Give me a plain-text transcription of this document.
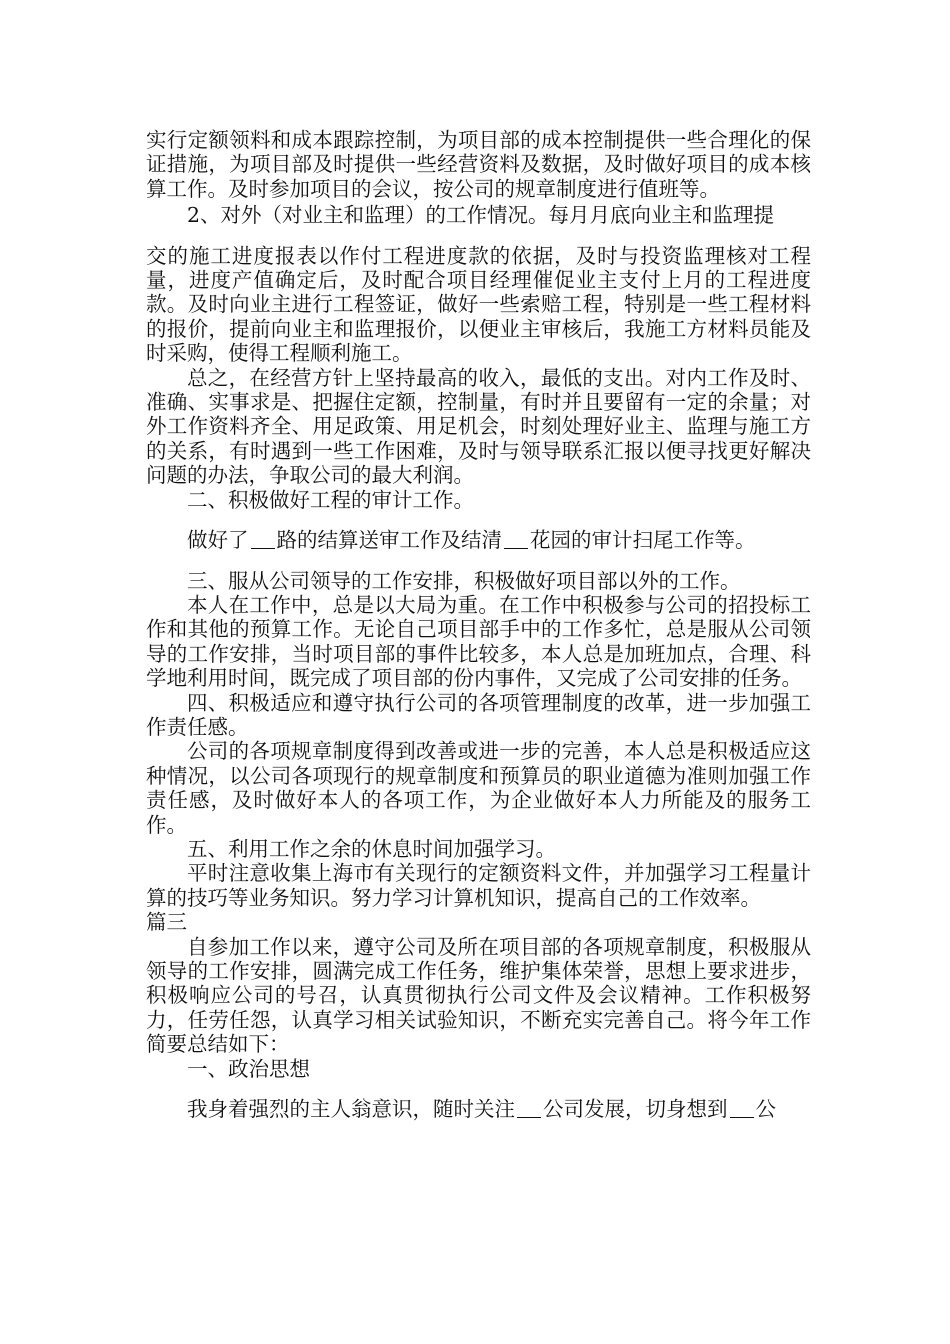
实行定额领料和成本跟踪控制，为项目部的成本控制提供一些合理化的保证措施，为项目部及时提供一些经营资料及数据，及时做好项目的成本核算工作。及时参加项目的会议，按公司的规章制度进行值班等。

2、对外（对业主和监理）的工作情况。每月月底向业主和监理提

交的施工进度报表以作付工程进度款的依据，及时与投资监理核对工程量，进度产值确定后，及时配合项目经理催促业主支付上月的工程进度款。及时向业主进行工程签证，做好一些索赔工程，特别是一些工程材料的报价，提前向业主和监理报价，以便业主审核后，我施工方材料员能及时采购，使得工程顺利施工。

总之，在经营方针上坚持最高的收入，最低的支出。对内工作及时、准确、实事求是、把握住定额，控制量，有时并且要留有一定的余量；对外工作资料齐全、用足政策、用足机会，时刻处理好业主、监理与施工方的关系，有时遇到一些工作困难，及时与领导联系汇报以便寻找更好解决问题的办法，争取公司的最大利润。

二、积极做好工程的审计工作。

做好了 路的结算送审工作及结清 花园的审计扫尾工作等。

三、服从公司领导的工作安排，积极做好项目部以外的工作。

本人在工作中，总是以大局为重。在工作中积极参与公司的招投标工作和其他的预算工作。无论自己项目部手中的工作多忙，总是服从公司领导的工作安排，当时项目部的事件比较多，本人总是加班加点，合理、科学地利用时间，既完成了项目部的份内事件，又完成了公司安排的任务。

四、积极适应和遵守执行公司的各项管理制度的改革，进一步加强工作责任感。

公司的各项规章制度得到改善或进一步的完善，本人总是积极适应这种情况，以公司各项现行的规章制度和预算员的职业道德为准则加强工作责任感，及时做好本人的各项工作，为企业做好本人力所能及的服务工作。

五、利用工作之余的休息时间加强学习。

平时注意收集上海市有关现行的定额资料文件，并加强学习工程量计算的技巧等业务知识。努力学习计算机知识，提高自己的工作效率。

篇三

自参加工作以来，遵守公司及所在项目部的各项规章制度，积极服从领导的工作安排，圆满完成工作任务，维护集体荣誉，思想上要求进步，积极响应公司的号召，认真贯彻执行公司文件及会议精神。工作积极努力，任劳任怨，认真学习相关试验知识，不断充实完善自己。将今年工作简要总结如下：

一、政治思想

我身着强烈的主人翁意识，随时关注 公司发展，切身想到 公
